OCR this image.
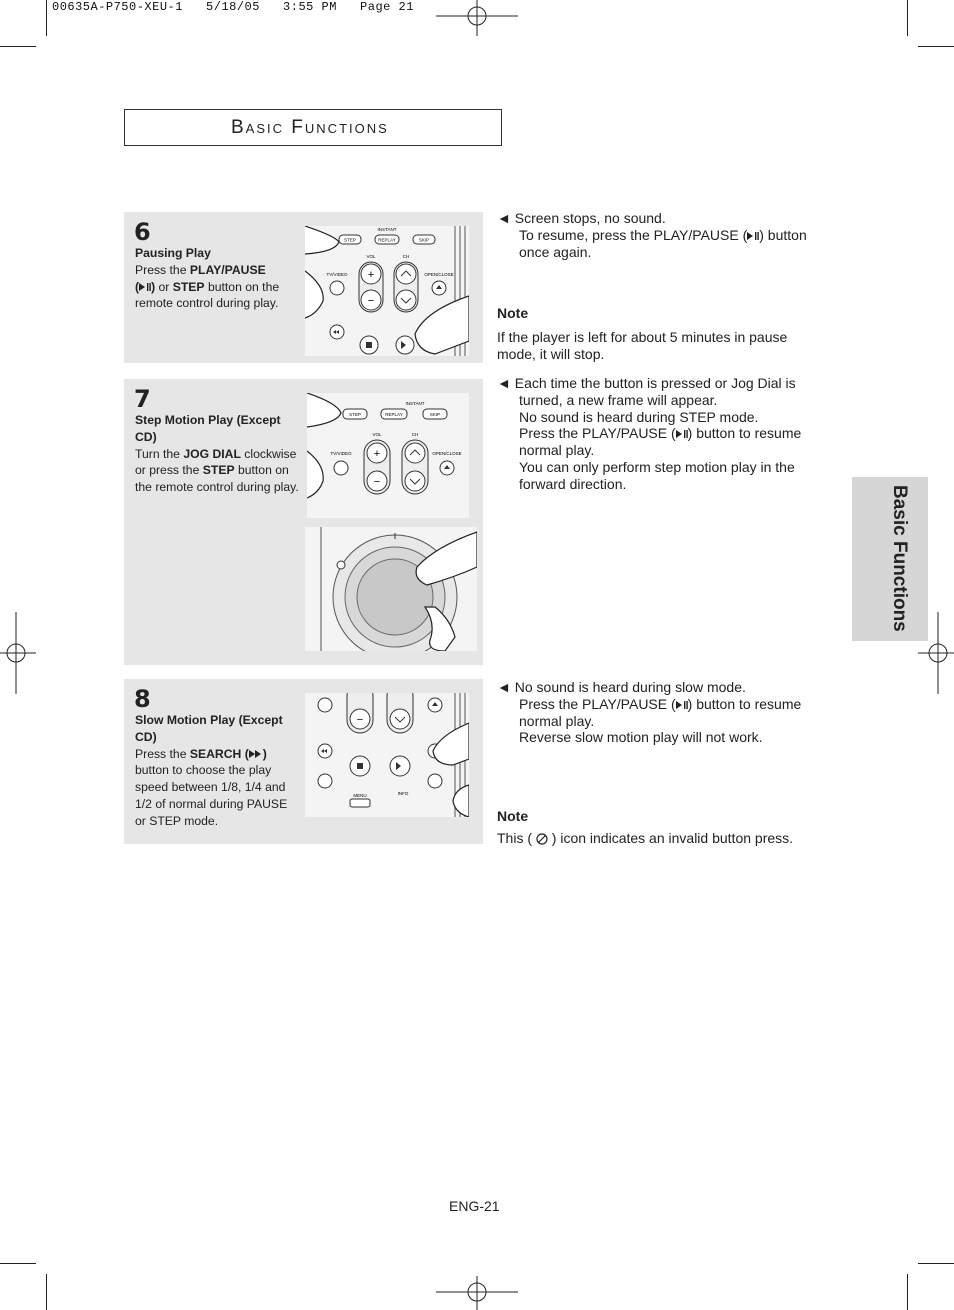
00635A-P750-XEU-1   5/18/05   3:55 PM   Page 21
Basic Functions
Basic Functions
6
Pausing Play
Press the PLAY/PAUSE
( ) or STEP button on the remote control during play.
INSTANT
STEP	REPLAY	SKIP
TV/VIDEO
VOL
+
−
CH
OPEN/CLOSE
7
Step Motion Play (Except CD)
Turn the JOG DIAL clockwise or press the STEP button on the remote control during play.
INSTANT
STEP	REPLAY	SKIP
TV/VIDEO
VOL
+
−
CH
OPEN/CLOSE
8
Slow Motion Play (Except CD)
Press the SEARCH ( ) button to choose the play speed between 1/8, 1/4 and 1/2 of normal during PAUSE or STEP mode.
−
MENU	INFO

◄ Screen stops, no sound.

To resume, press the PLAY/PAUSE ( ) button

once again.

Note

If the player is left for about 5 minutes in pause mode, it will stop.

◄ Each time the button is pressed or Jog Dial is

turned, a new frame will appear.

No sound is heard during STEP mode.

Press the PLAY/PAUSE ( ) button to resume

normal play.

You can only perform step motion play in the

forward direction.

◄ No sound is heard during slow mode.

Press the PLAY/PAUSE ( ) button to resume

normal play.

Reverse slow motion play will not work.

Note

This ( ) icon indicates an invalid button press.

ENG-21
